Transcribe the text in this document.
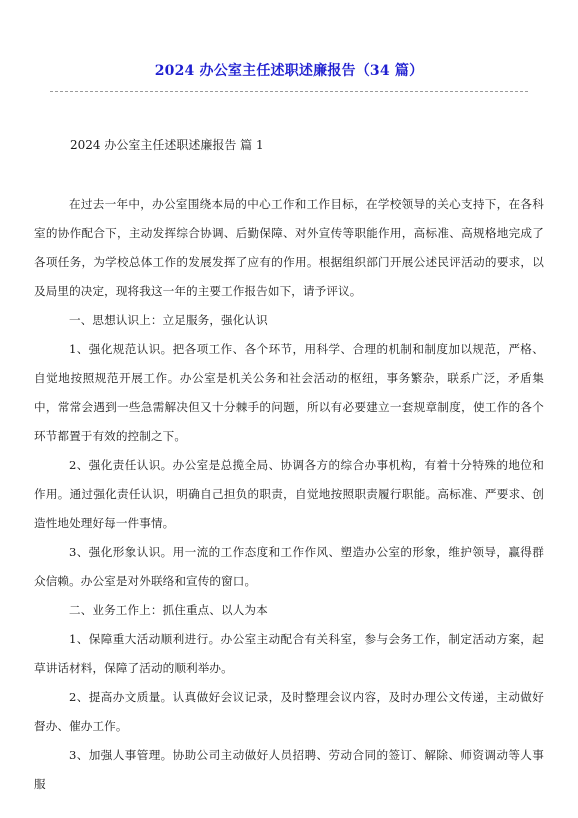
2024 办公室主任述职述廉报告（34 篇）
2024 办公室主任述职述廉报告 篇 1

在过去一年中，办公室围绕本局的中心工作和工作目标，在学校领导的关心支持下，在各科室的协作配合下，主动发挥综合协调、后勤保障、对外宣传等职能作用，高标准、高规格地完成了各项任务，为学校总体工作的发展发挥了应有的作用。根据组织部门开展公述民评活动的要求，以及局里的决定，现将我这一年的主要工作报告如下，请予评议。

一、思想认识上：立足服务，强化认识

1、强化规范认识。把各项工作、各个环节，用科学、合理的机制和制度加以规范，严格、自觉地按照规范开展工作。办公室是机关公务和社会活动的枢纽，事务繁杂，联系广泛，矛盾集中，常常会遇到一些急需解决但又十分棘手的问题，所以有必要建立一套规章制度，使工作的各个环节都置于有效的控制之下。

2、强化责任认识。办公室是总揽全局、协调各方的综合办事机构，有着十分特殊的地位和作用。通过强化责任认识，明确自己担负的职责，自觉地按照职责履行职能。高标准、严要求、创造性地处理好每一件事情。

3、强化形象认识。用一流的工作态度和工作作风、塑造办公室的形象，维护领导，赢得群众信赖。办公室是对外联络和宣传的窗口。

二、业务工作上：抓住重点、以人为本

1、保障重大活动顺利进行。办公室主动配合有关科室，参与会务工作，制定活动方案，起草讲话材料，保障了活动的顺利举办。

2、提高办文质量。认真做好会议记录，及时整理会议内容，及时办理公文传递，主动做好督办、催办工作。

3、加强人事管理。协助公司主动做好人员招聘、劳动合同的签订、解除、师资调动等人事服
